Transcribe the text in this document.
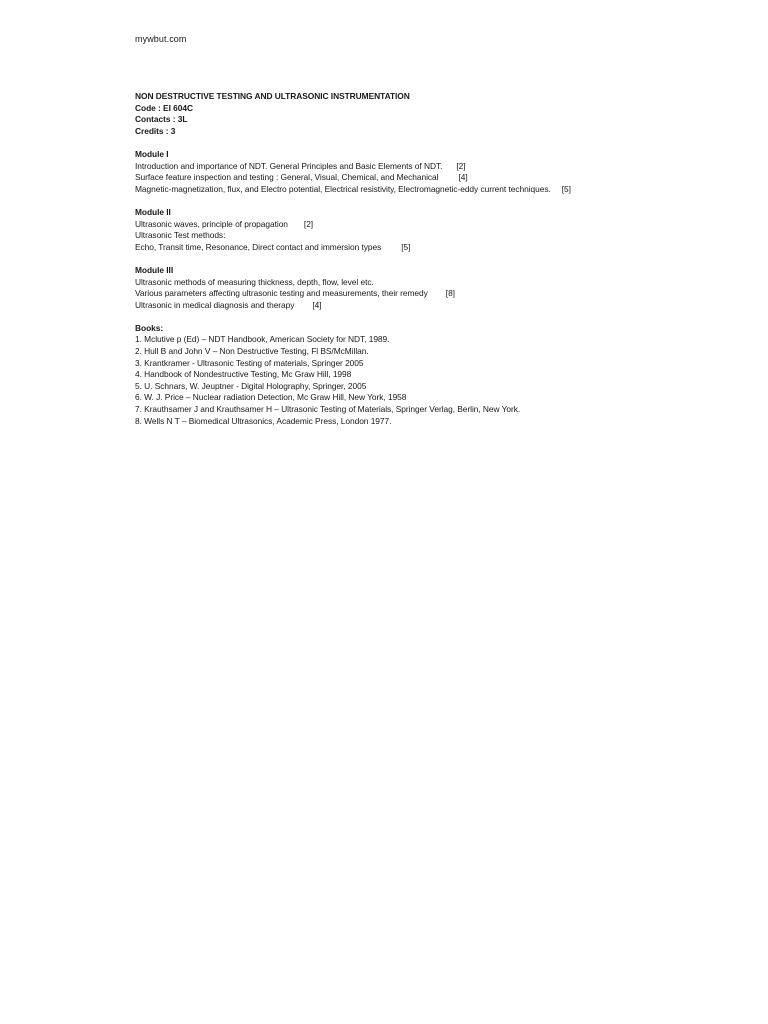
mywbut.com
NON DESTRUCTIVE TESTING AND ULTRASONIC INSTRUMENTATION
Code : EI 604C
Contacts : 3L
Credits : 3
Module I
Introduction and importance of NDT. General Principles and Basic Elements of NDT. [2]
Surface feature inspection and testing : General, Visual, Chemical, and Mechanical [4]
Magnetic-magnetization, flux, and Electro potential, Electrical resistivity, Electromagnetic-eddy current techniques. [5]
Module II
Ultrasonic waves, principle of propagation [2]
Ultrasonic Test methods:
Echo, Transit time, Resonance, Direct contact and immersion types [5]
Module III
Ultrasonic methods of measuring thickness, depth, flow, level etc.
Various parameters affecting ultrasonic testing and measurements, their remedy [8]
Ultrasonic in medical diagnosis and therapy [4]
Books:
1. Mclutive p (Ed) – NDT Handbook, American Society for NDT, 1989.
2. Hull B and John V – Non Destructive Testing, Fl BS/McMillan.
3. Krantkramer - Ultrasonic Testing of materials, Springer 2005
4. Handbook of Nondestructive Testing, Mc Graw Hill, 1998
5. U. Schnars, W. Jeuptner - Digital Holography, Springer, 2005
6. W. J. Price – Nuclear radiation Detection, Mc Graw Hill, New York, 1958
7. Krauthsamer J and Krauthsamer H – Ultrasonic Testing of Materials, Springer Verlag, Berlin, New York.
8. Wells N T – Biomedical Ultrasonics, Academic Press, London 1977.
